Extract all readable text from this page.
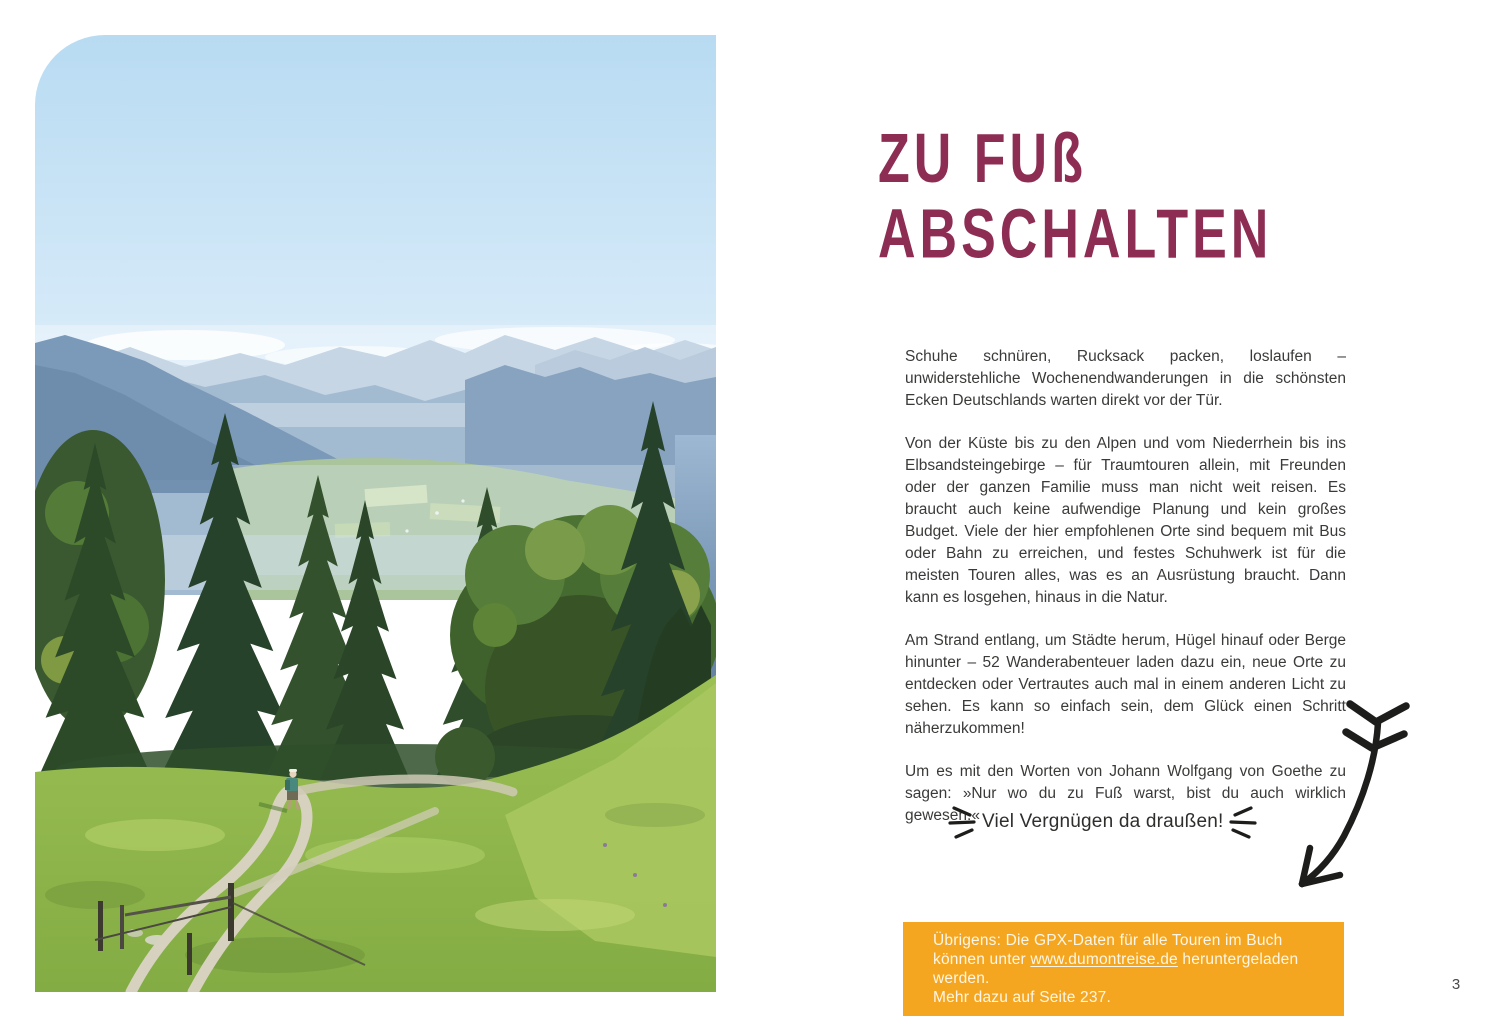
ZU FUß
ABSCHALTEN

Schuhe schnüren, Rucksack packen, loslaufen – unwiderstehliche Wochenendwanderungen in die schönsten Ecken Deutschlands warten direkt vor der Tür.

Von der Küste bis zu den Alpen und vom Niederrhein bis ins Elbsandsteingebirge – für Traumtouren allein, mit Freunden oder der ganzen Familie muss man nicht weit reisen. Es braucht auch keine aufwendige Planung und kein großes Budget. Viele der hier empfohlenen Orte sind bequem mit Bus oder Bahn zu erreichen, und festes Schuhwerk ist für die meisten Touren alles, was es an Ausrüstung braucht. Dann kann es losgehen, hinaus in die Natur.

Am Strand entlang, um Städte herum, Hügel hinauf oder Berge hinunter – 52 Wanderabenteuer laden dazu ein, neue Orte zu entdecken oder Vertrautes auch mal in einem anderen Licht zu sehen. Es kann so einfach sein, dem Glück einen Schritt näherzukommen!

Um es mit den Worten von Johann Wolfgang von Goethe zu sagen: »Nur wo du zu Fuß warst, bist du auch wirklich gewesen.« Viel Vergnügen da draußen!

Übrigens: Die GPX-Daten für alle Touren im Buch können unter www.dumontreise.de heruntergeladen werden.

Mehr dazu auf Seite 237.

3
